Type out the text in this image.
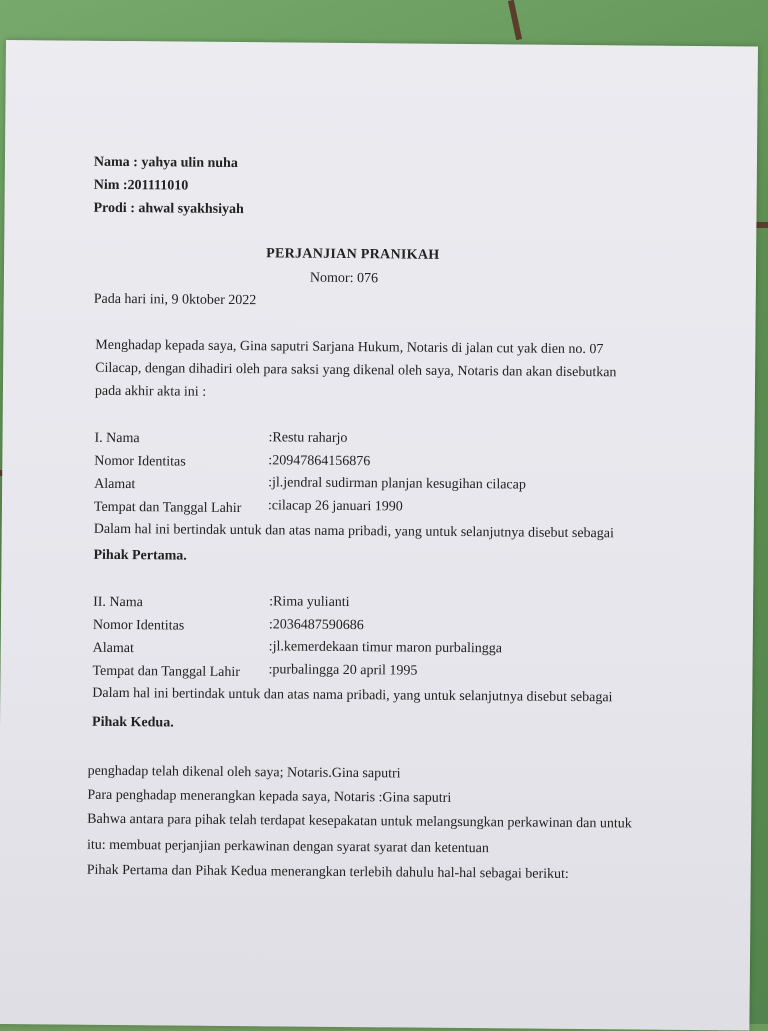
Nama : yahya ulin nuha
Nim :201111010
Prodi : ahwal syakhsiyah
PERJANJIAN PRANIKAH
Nomor: 076
Pada hari ini, 9 0ktober 2022
Menghadap kepada saya, Gina saputri Sarjana Hukum, Notaris di jalan cut yak dien no. 07
Cilacap, dengan dihadiri oleh para saksi yang dikenal oleh saya, Notaris dan akan disebutkan
pada akhir akta ini :
I. Nama	:Restu raharjo
Nomor Identitas	:20947864156876
Alamat	:jl.jendral sudirman planjan kesugihan cilacap
Tempat dan Tanggal Lahir :cilacap 26 januari 1990
Dalam hal ini bertindak untuk dan atas nama pribadi, yang untuk selanjutnya disebut sebagai
Pihak Pertama.
II. Nama	:Rima yulianti
Nomor Identitas	:2036487590686
Alamat	:jl.kemerdekaan timur maron purbalingga
Tempat dan Tanggal Lahir :purbalingga 20 april 1995
Dalam hal ini bertindak untuk dan atas nama pribadi, yang untuk selanjutnya disebut sebagai
Pihak Kedua.
penghadap telah dikenal oleh saya; Notaris.Gina saputri
Para penghadap menerangkan kepada saya, Notaris :Gina saputri
Bahwa antara para pihak telah terdapat kesepakatan untuk melangsungkan perkawinan dan untuk
itu: membuat perjanjian perkawinan dengan syarat syarat dan ketentuan
Pihak Pertama dan Pihak Kedua menerangkan terlebih dahulu hal-hal sebagai berikut:
